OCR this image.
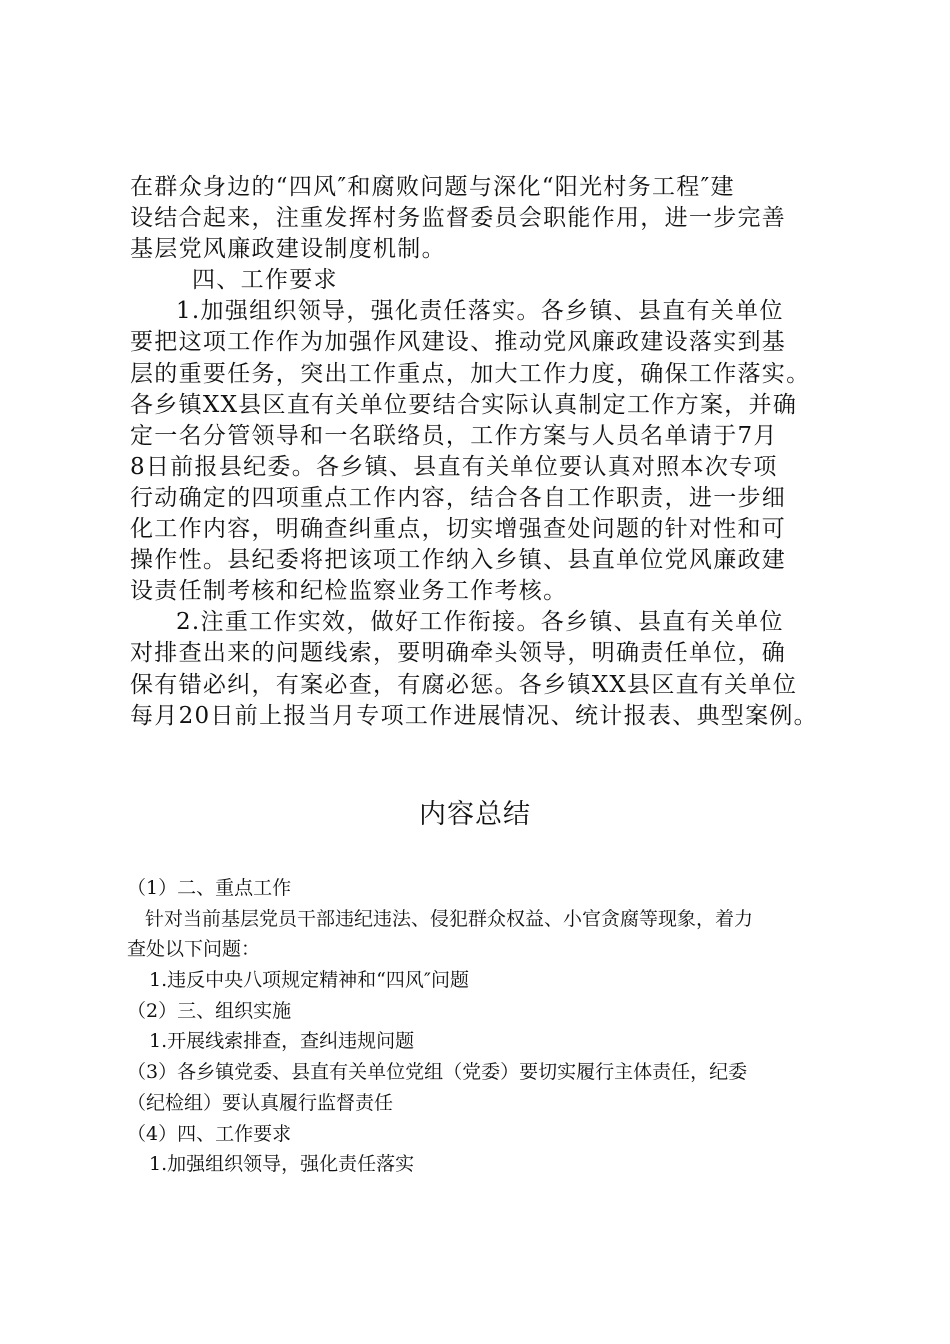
在群众身边的“四风″和腐败问题与深化“阳光村务工程″建
设结合起来，注重发挥村务监督委员会职能作用，进一步完善
基层党风廉政建设制度机制。
四、工作要求
1.加强组织领导，强化责任落实。各乡镇、县直有关单位
要把这项工作作为加强作风建设、推动党风廉政建设落实到基
层的重要任务，突出工作重点，加大工作力度，确保工作落实。
各乡镇XX县区直有关单位要结合实际认真制定工作方案，并确
定一名分管领导和一名联络员，工作方案与人员名单请于7月
8日前报县纪委。各乡镇、县直有关单位要认真对照本次专项
行动确定的四项重点工作内容，结合各自工作职责，进一步细
化工作内容，明确查纠重点，切实增强查处问题的针对性和可
操作性。县纪委将把该项工作纳入乡镇、县直单位党风廉政建
设责任制考核和纪检监察业务工作考核。
2.注重工作实效，做好工作衔接。各乡镇、县直有关单位
对排查出来的问题线索，要明确牵头领导，明确责任单位，确
保有错必纠，有案必查，有腐必惩。各乡镇XX县区直有关单位
每月20日前上报当月专项工作进展情况、统计报表、典型案例。
内容总结
（1）二、重点工作
针对当前基层党员干部违纪违法、侵犯群众权益、小官贪腐等现象，着力
查处以下问题：
1.违反中央八项规定精神和“四风″问题
（2）三、组织实施
1.开展线索排查，查纠违规问题
（3）各乡镇党委、县直有关单位党组（党委）要切实履行主体责任，纪委
（纪检组）要认真履行监督责任
（4）四、工作要求
1.加强组织领导，强化责任落实
